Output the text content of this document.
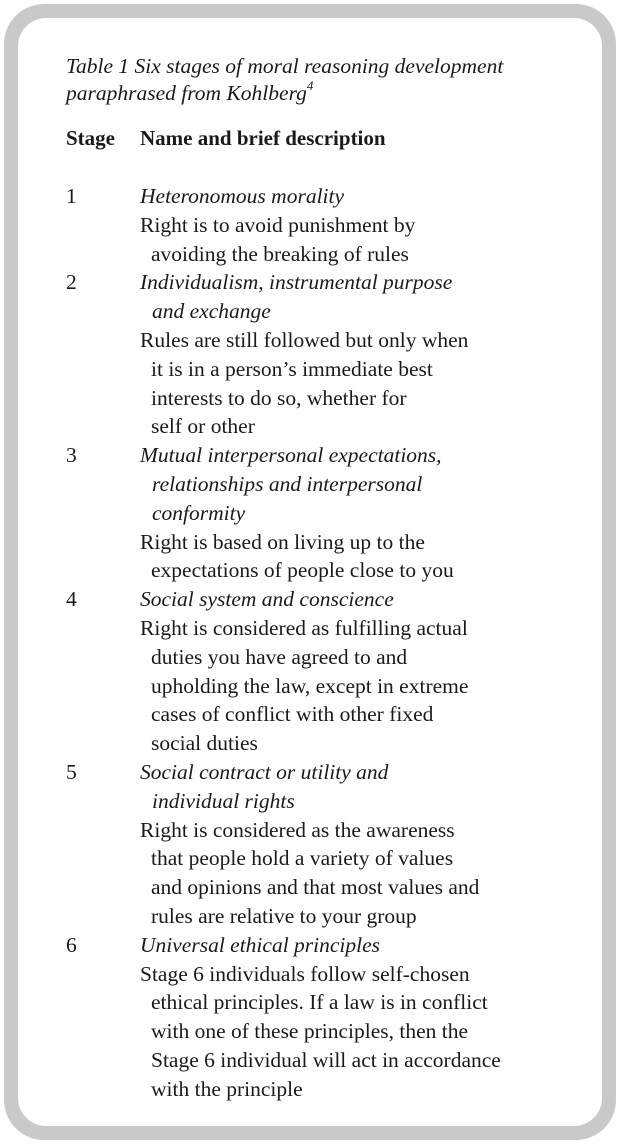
Table 1 Six stages of moral reasoning development
paraphrased from Kohlberg$^4$

Stage	Name and brief description
1	Heteronomous morality
Right is to avoid punishment by
avoiding the breaking of rules
2	Individualism, instrumental purpose
and exchange
Rules are still followed but only when
it is in a person’s immediate best
interests to do so, whether for
self or other
3	Mutual interpersonal expectations,
relationships and interpersonal
conformity
Right is based on living up to the
expectations of people close to you
4	Social system and conscience
Right is considered as fulfilling actual
duties you have agreed to and
upholding the law, except in extreme
cases of conflict with other fixed
social duties
5	Social contract or utility and
individual rights
Right is considered as the awareness
that people hold a variety of values
and opinions and that most values and
rules are relative to your group
6	Universal ethical principles
Stage 6 individuals follow self-chosen
ethical principles. If a law is in conflict
with one of these principles, then the
Stage 6 individual will act in accordance
with the principle
